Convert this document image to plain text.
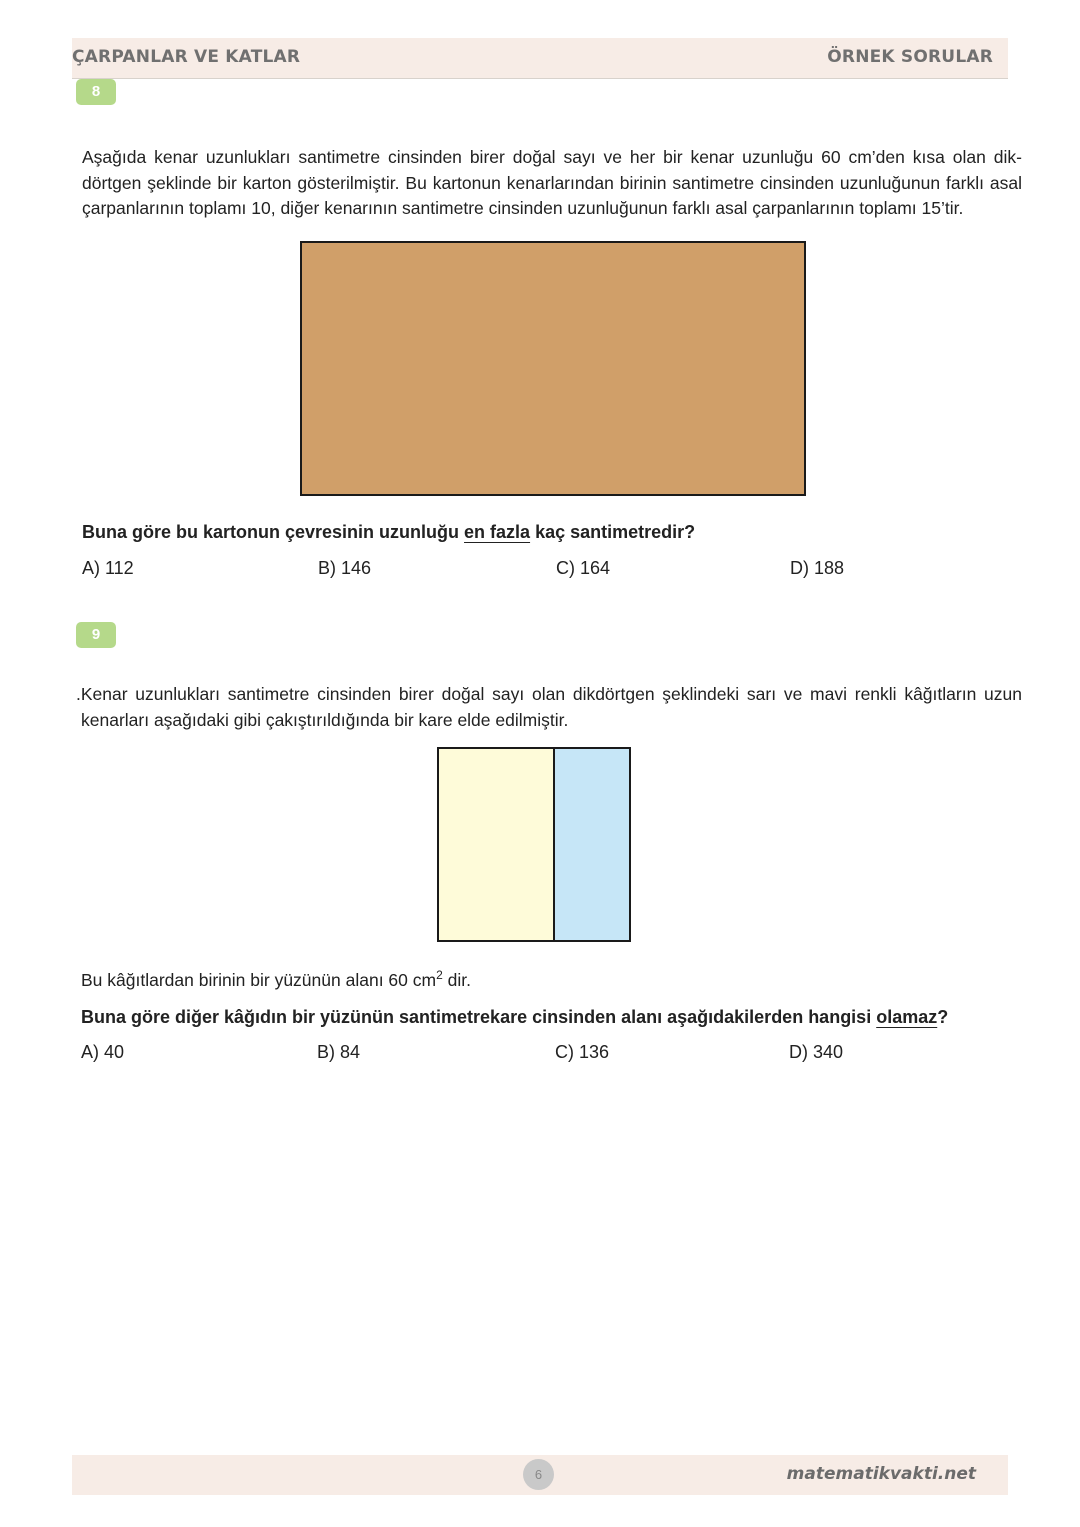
ÇARPANLAR VE KATLAR	ÖRNEK SORULAR
8
Aşağıda kenar uzunlukları santimetre cinsinden birer doğal sayı ve her bir kenar uzunluğu 60 cm’den kısa olan dik-
dörtgen şeklinde bir karton gösterilmiştir. Bu kartonun kenarlarından birinin santimetre cinsinden uzunluğunun farklı asal çarpanlarının toplamı 10, diğer kenarının santimetre cinsinden uzunluğunun farklı asal çarpanlarının toplamı 15’tir.
Buna göre bu kartonun çevresinin uzunluğu en fazla kaç santimetredir?
A) 112	B) 146	C) 164	D) 188
9
.Kenar uzunlukları santimetre cinsinden birer doğal sayı olan dikdörtgen şeklindeki sarı ve mavi renkli kâğıtların uzun
kenarları aşağıdaki gibi çakıştırıldığında bir kare elde edilmiştir.
Bu kâğıtlardan birinin bir yüzünün alanı 60 $cm^2$ dir.
Buna göre diğer kâğıdın bir yüzünün santimetrekare cinsinden alanı aşağıdakilerden hangisi olamaz?
A) 40	B) 84	C) 136	D) 340
6	matematikvakti.net
